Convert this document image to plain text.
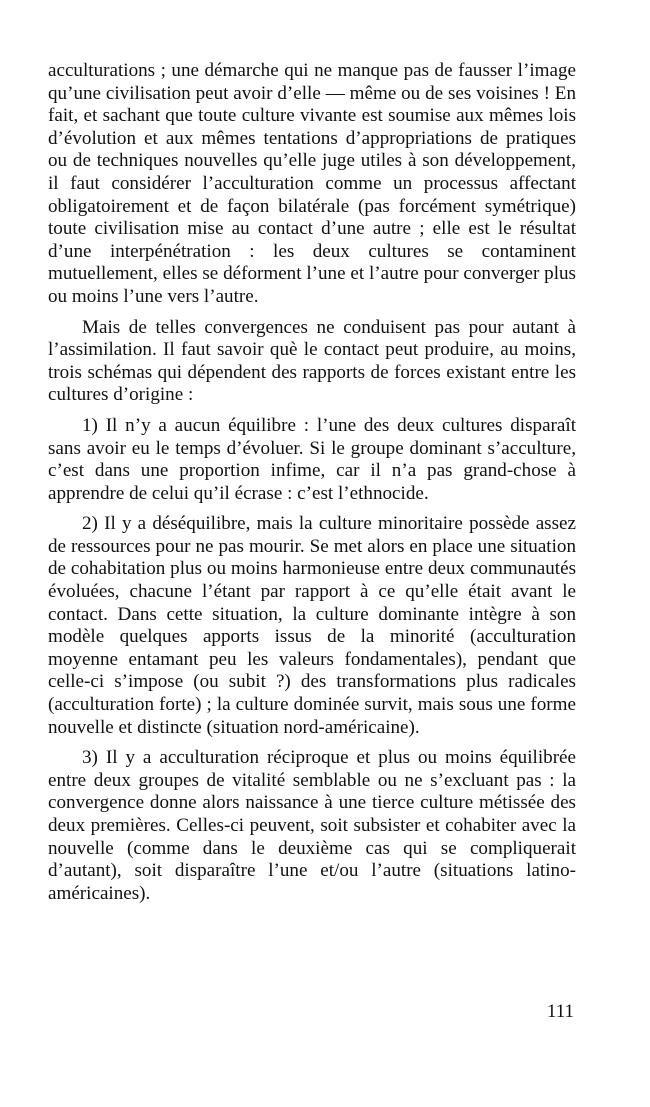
acculturations ; une démarche qui ne manque pas de fausser l’image qu’une civilisation peut avoir d’elle — même ou de ses voisines ! En fait, et sachant que toute culture vivante est soumise aux mêmes lois d’évolution et aux mêmes tentations d’appropriations de pratiques ou de techniques nouvelles qu’elle juge utiles à son développement, il faut considérer l’acculturation comme un processus affectant obligatoirement et de façon bilatérale (pas forcément symétrique) toute civilisation mise au contact d’une autre ; elle est le résultat d’une interpénétration : les deux cultures se contaminent mutuellement, elles se déforment l’une et l’autre pour converger plus ou moins l’une vers l’autre.

Mais de telles convergences ne conduisent pas pour autant à l’assimilation. Il faut savoir què le contact peut produire, au moins, trois schémas qui dépendent des rapports de forces existant entre les cultures d’origine :

1) Il n’y a aucun équilibre : l’une des deux cultures disparaît sans avoir eu le temps d’évoluer. Si le groupe dominant s’acculture, c’est dans une proportion infime, car il n’a pas grand-chose à apprendre de celui qu’il écrase : c’est l’ethnocide.

2) Il y a déséquilibre, mais la culture minoritaire possède assez de ressources pour ne pas mourir. Se met alors en place une situation de cohabitation plus ou moins harmonieuse entre deux communautés évoluées, chacune l’étant par rapport à ce qu’elle était avant le contact. Dans cette situation, la culture dominante intègre à son modèle quelques apports issus de la minorité (acculturation moyenne entamant peu les valeurs fondamentales), pendant que celle-ci s’impose (ou subit ?) des transformations plus radicales (acculturation forte) ; la culture dominée survit, mais sous une forme nouvelle et distincte (situation nord-américaine).

3) Il y a acculturation réciproque et plus ou moins équilibrée entre deux groupes de vitalité semblable ou ne s’excluant pas : la convergence donne alors naissance à une tierce culture métissée des deux premières. Celles-ci peuvent, soit subsister et cohabiter avec la nouvelle (comme dans le deuxième cas qui se compliquerait d’autant), soit disparaître l’une et/ou l’autre (situations latino-américaines).

111
